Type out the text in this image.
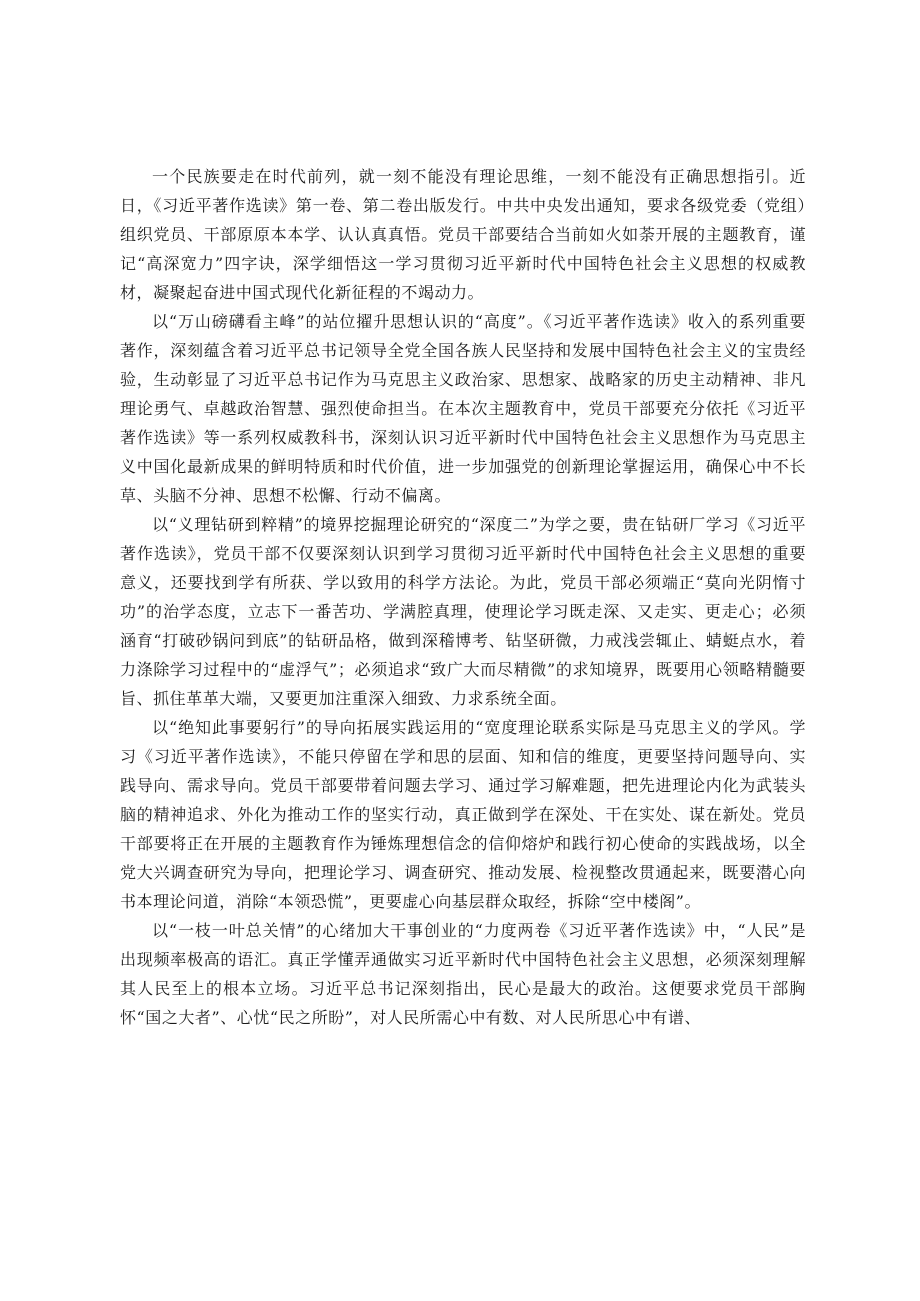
一个民族要走在时代前列，就一刻不能没有理论思维，一刻不能没有正确思想指引。近日，《习近平著作选读》第一卷、第二卷出版发行。中共中央发出通知，要求各级党委（党组）组织党员、干部原原本本学、认认真真悟。党员干部要结合当前如火如荼开展的主题教育，谨记“高深宽力”四字诀，深学细悟这一学习贯彻习近平新时代中国特色社会主义思想的权威教材，凝聚起奋进中国式现代化新征程的不竭动力。

以“万山磅礴看主峰”的站位擢升思想认识的“高度”。《习近平著作选读》收入的系列重要著作，深刻蕴含着习近平总书记领导全党全国各族人民坚持和发展中国特色社会主义的宝贵经验，生动彰显了习近平总书记作为马克思主义政治家、思想家、战略家的历史主动精神、非凡理论勇气、卓越政治智慧、强烈使命担当。在本次主题教育中，党员干部要充分依托《习近平著作选读》等一系列权威教科书，深刻认识习近平新时代中国特色社会主义思想作为马克思主义中国化最新成果的鲜明特质和时代价值，进一步加强党的创新理论掌握运用，确保心中不长草、头脑不分神、思想不松懈、行动不偏离。

以“义理钻研到粹精”的境界挖掘理论研究的“深度二”为学之要，贵在钻研厂学习《习近平著作选读》，党员干部不仅要深刻认识到学习贯彻习近平新时代中国特色社会主义思想的重要意义，还要找到学有所获、学以致用的科学方法论。为此，党员干部必须端正“莫向光阴惰寸功”的治学态度，立志下一番苦功、学满腔真理，使理论学习既走深、又走实、更走心；必须涵育“打破砂锅问到底”的钻研品格，做到深稽博考、钻坚研微，力戒浅尝辄止、蜻蜓点水，着力涤除学习过程中的“虚浮气”；必须追求“致广大而尽精微”的求知境界，既要用心领略精髓要旨、抓住革革大端，又要更加注重深入细致、力求系统全面。

以“绝知此事要躬行”的导向拓展实践运用的“宽度理论联系实际是马克思主义的学风。学习《习近平著作选读》，不能只停留在学和思的层面、知和信的维度，更要坚持问题导向、实践导向、需求导向。党员干部要带着问题去学习、通过学习解难题，把先进理论内化为武装头脑的精神追求、外化为推动工作的坚实行动，真正做到学在深处、干在实处、谋在新处。党员干部要将正在开展的主题教育作为锤炼理想信念的信仰熔炉和践行初心使命的实践战场，以全党大兴调查研究为导向，把理论学习、调查研究、推动发展、检视整改贯通起来，既要潜心向书本理论问道，消除“本领恐慌”，更要虚心向基层群众取经，拆除“空中楼阁”。

以“一枝一叶总关情”的心绪加大干事创业的“力度两卷《习近平著作选读》中，“人民”是出现频率极高的语汇。真正学懂弄通做实习近平新时代中国特色社会主义思想，必须深刻理解其人民至上的根本立场。习近平总书记深刻指出，民心是最大的政治。这便要求党员干部胸怀“国之大者”、心忧“民之所盼”，对人民所需心中有数、对人民所思心中有谱、
